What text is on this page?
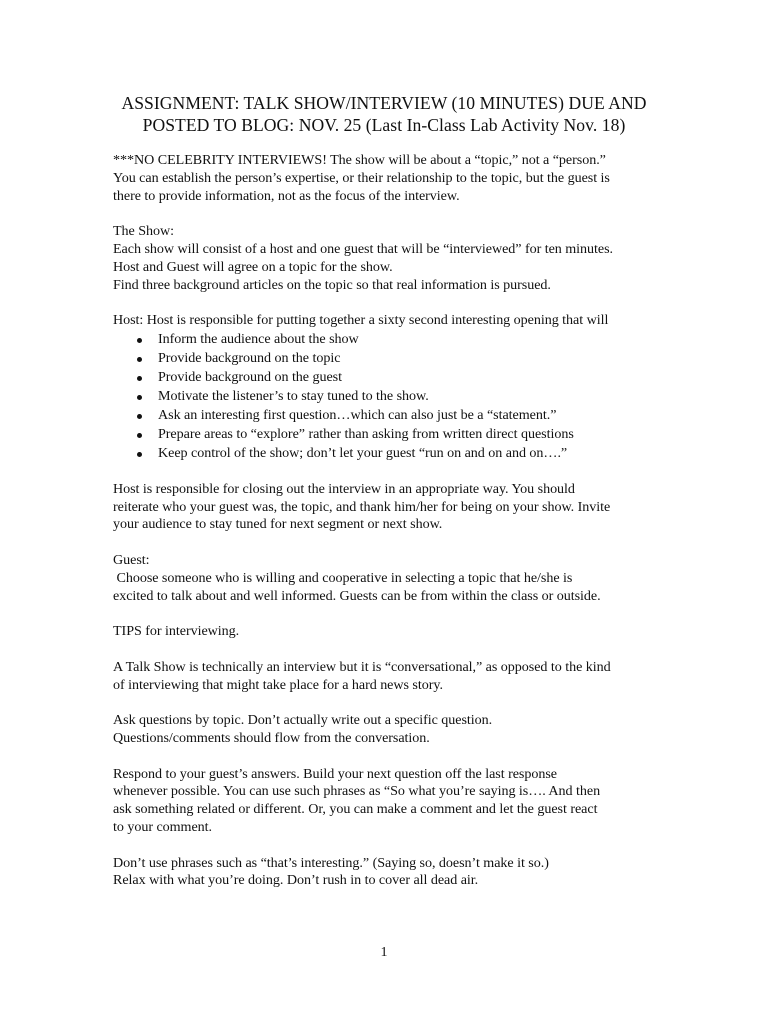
ASSIGNMENT: TALK SHOW/INTERVIEW (10 MINUTES) DUE AND
POSTED TO BLOG: NOV. 25 (Last In-Class Lab Activity Nov. 18)

***NO CELEBRITY INTERVIEWS! The show will be about a “topic,” not a “person.”
You can establish the person’s expertise, or their relationship to the topic, but the guest is
there to provide information, not as the focus of the interview.

The Show:
Each show will consist of a host and one guest that will be “interviewed” for ten minutes.
Host and Guest will agree on a topic for the show.
Find three background articles on the topic so that real information is pursued.

Host: Host is responsible for putting together a sixty second interesting opening that will

Inform the audience about the show
Provide background on the topic
Provide background on the guest
Motivate the listener’s to stay tuned to the show.
Ask an interesting first question…which can also just be a “statement.”
Prepare areas to “explore” rather than asking from written direct questions
Keep control of the show; don’t let your guest “run on and on and on….”

Host is responsible for closing out the interview in an appropriate way. You should
reiterate who your guest was, the topic, and thank him/her for being on your show. Invite
your audience to stay tuned for next segment or next show.

Guest:
Choose someone who is willing and cooperative in selecting a topic that he/she is
excited to talk about and well informed. Guests can be from within the class or outside.

TIPS for interviewing.

A Talk Show is technically an interview but it is “conversational,” as opposed to the kind
of interviewing that might take place for a hard news story.

Ask questions by topic. Don’t actually write out a specific question.
Questions/comments should flow from the conversation.

Respond to your guest’s answers. Build your next question off the last response
whenever possible. You can use such phrases as “So what you’re saying is…. And then
ask something related or different. Or, you can make a comment and let the guest react
to your comment.

Don’t use phrases such as “that’s interesting.” (Saying so, doesn’t make it so.)
Relax with what you’re doing. Don’t rush in to cover all dead air.

1
